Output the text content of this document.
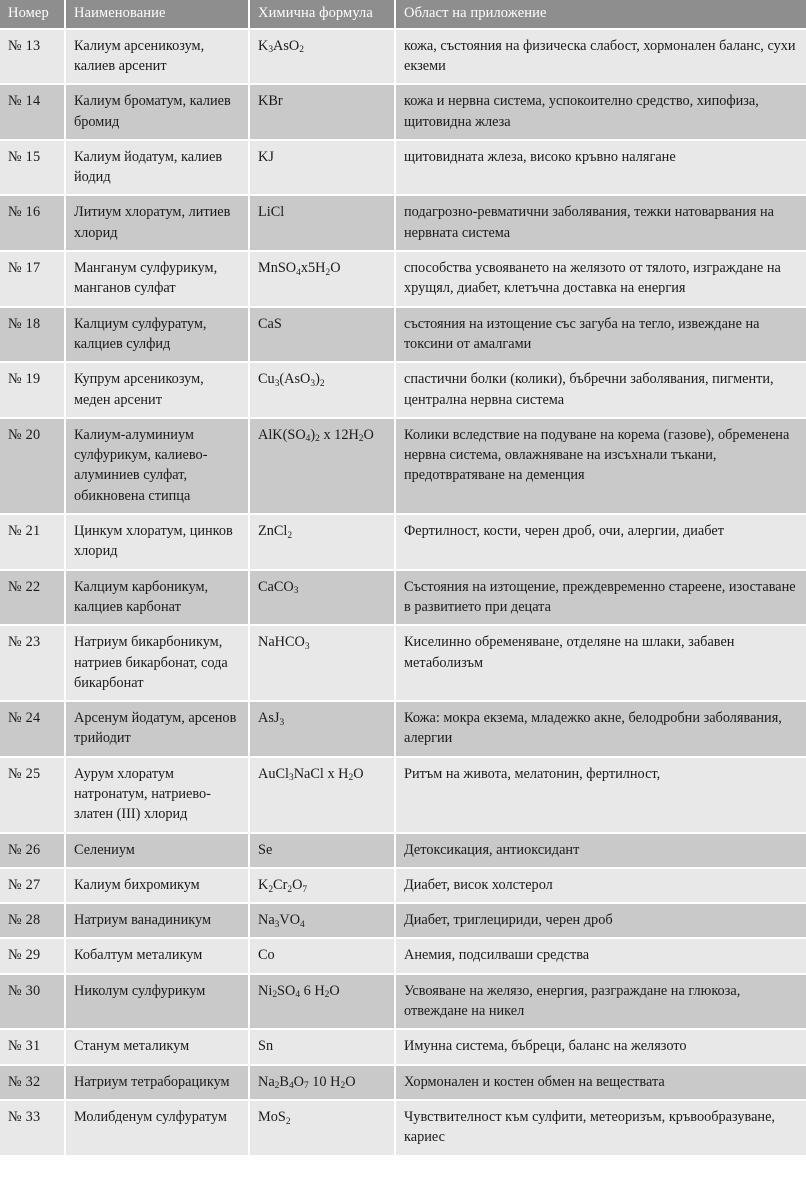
Номер	Наименование	Химична формула	Област на приложение
№ 13	Калиум арсеникозум, калиев арсенит	$K_3AsO_2$	кожа, състояния на физическа слабост, хормонален баланс, сухи екземи
№ 14	Калиум броматум, калиев бромид	KBr	кожа и нервна система, успокоително средство, хипофиза, щитовидна жлеза
№ 15	Калиум йодатум, калиев йодид	KJ	щитовидната жлеза, високо кръвно налягане
№ 16	Литиум хлоратум, литиев хлорид	LiCl	подагрозно-ревматични заболявания, тежки натоварвания на нервната система
№ 17	Манганум сулфурикум, манганов сулфат	$MnSO_4x5H_2O$	способства усвояването на желязото от тялото, изграждане на хрущял, диабет, клетъчна доставка на енергия
№ 18	Калциум сулфуратум, калциев сулфид	CaS	състояния на изтощение със загуба на тегло, извеждане на токсини от амалгами
№ 19	Купрум арсеникозум, меден арсенит	$Cu_3(AsO_3)_2$	спастични болки (колики), бъбречни заболявания, пигменти, централна нервна система
№ 20	Калиум-алуминиум сулфурикум, калиево-алуминиев сулфат, обикновена стипца	$AlK(SO_4)_2$ x $12H_2O$	Колики вследствие на подуване на корема (газове), обременена нервна система, овлажняване на изсъхнали тъкани, предотвратяване на деменция
№ 21	Цинкум хлоратум, цинков хлорид	ZnCl$_2$	Фертилност, кости, черен дроб, очи, алергии, диабет
№ 22	Калциум карбоникум, калциев карбонат	CaCO$_3$	Състояния на изтощение, преждевременно стареене, изоставане в развитието при децата
№ 23	Натриум бикарбоникум, натриев бикарбонат, сода бикарбонат	NaHCO$_3$	Киселинно обременяване, отделяне на шлаки, забавен метаболизъм
№ 24	Арсенум йодатум, арсенов трийодит	AsJ$_3$	Кожа: мокра екзема, младежко акне, белодробни заболявания, алергии
№ 25	Аурум хлоратум натронатум, натриево-златен (III) хлорид	AuCl$_3$NaCl x $H_2O$	Ритъм на живота, мелатонин, фертилност,
№ 26	Селениум	Se	Детоксикация, антиоксидант
№ 27	Калиум бихромикум	$K_2Cr_2O_7$	Диабет, висок холстерол
№ 28	Натриум ванадиникум	$Na_3VO_4$	Диабет, триглецириди, черен дроб
№ 29	Кобалтум металикум	Co	Анемия, подсилваши средства
№ 30	Николум сулфурикум	$Ni_2SO_4$ 6 $H_2O$	Усвояване на желязо, енергия, разграждане на глюкоза, отвеждане на никел
№ 31	Станум металикум	Sn	Имунна система, бъбреци, баланс на желязото
№ 32	Натриум тетраборацикум	$Na_2B_4O_7$ 10 $H_2O$	Хормонален и костен обмен на веществата
№ 33	Молибденум сулфуратум	MoS$_2$	Чувствителност към сулфити, метеоризъм, кръвообразуване, кариес
